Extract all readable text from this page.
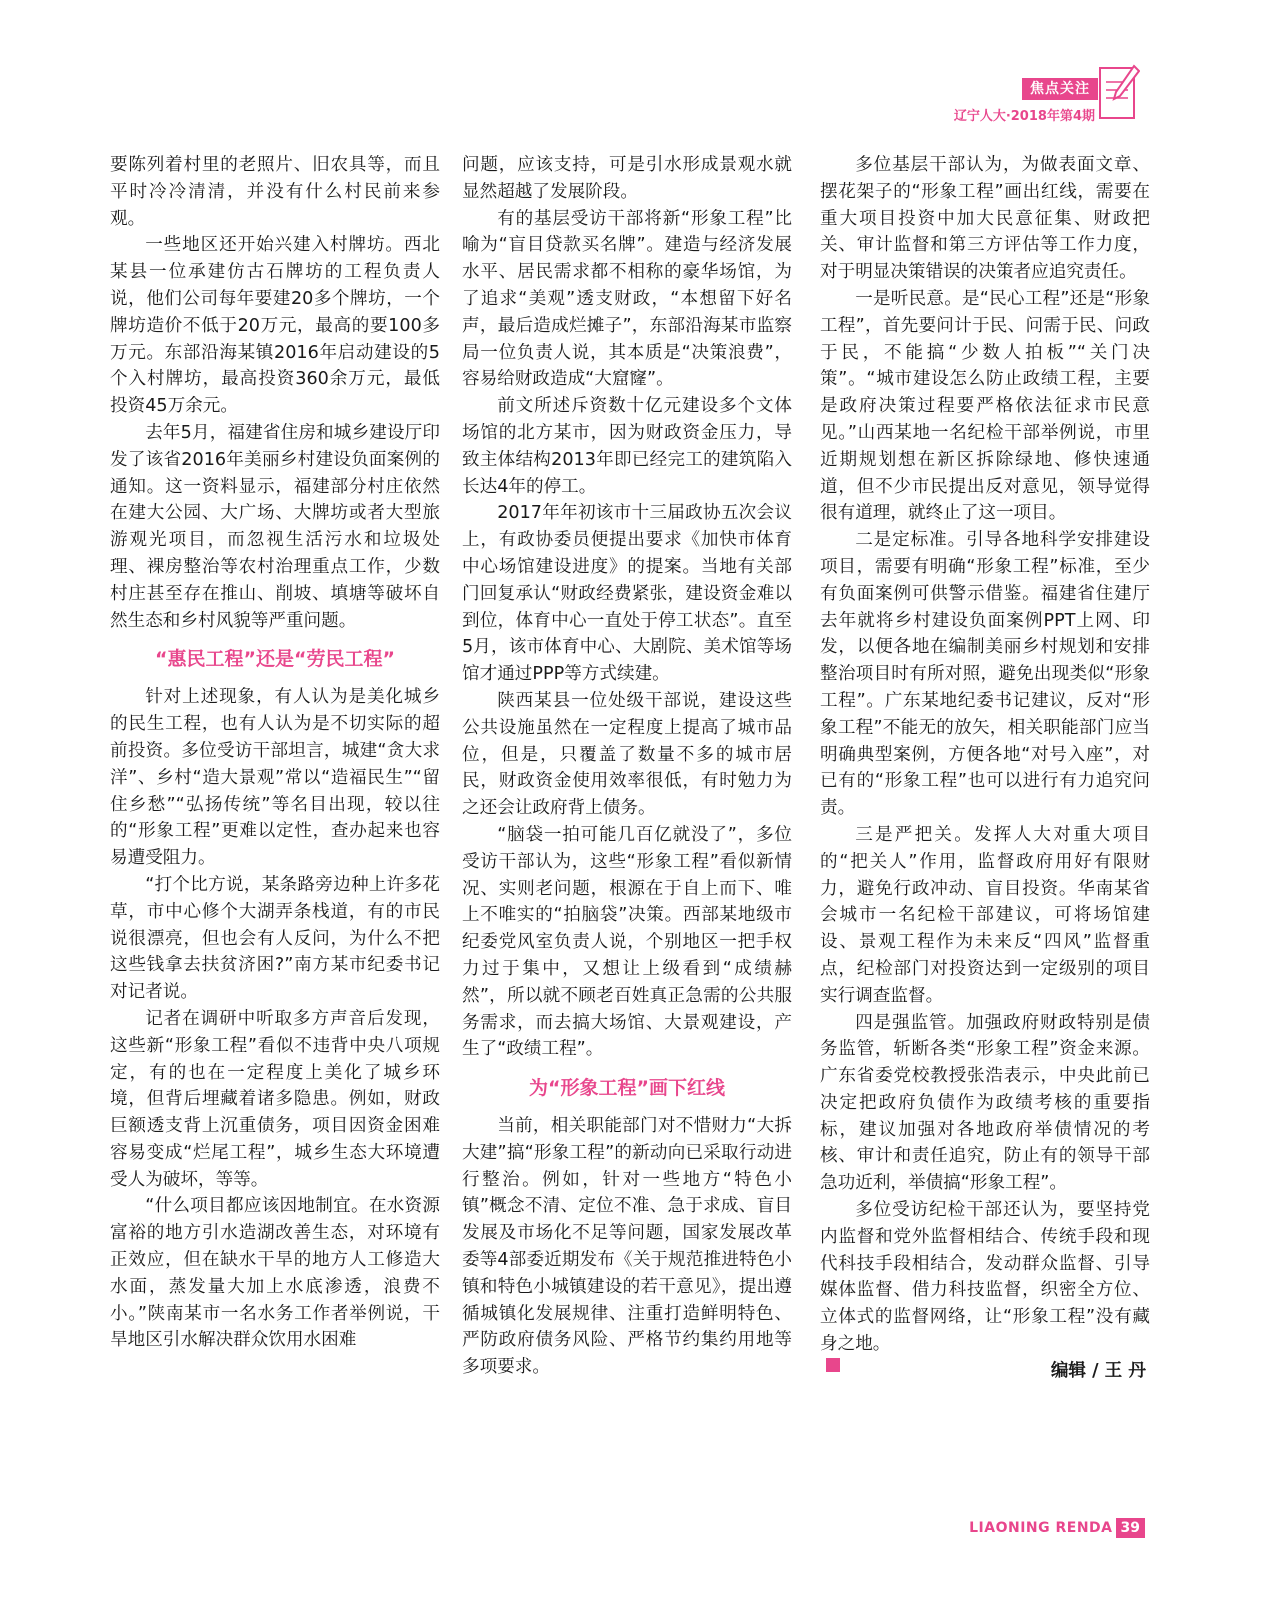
焦点关注
辽宁人大·2018年第4期

要陈列着村里的老照片、旧农具等，而且平时冷冷清清，并没有什么村民前来参观。

一些地区还开始兴建入村牌坊。西北某县一位承建仿古石牌坊的工程负责人说，他们公司每年要建20多个牌坊，一个牌坊造价不低于20万元，最高的要100多万元。东部沿海某镇2016年启动建设的5个入村牌坊，最高投资360余万元，最低投资45万余元。

去年5月，福建省住房和城乡建设厅印发了该省2016年美丽乡村建设负面案例的通知。这一资料显示，福建部分村庄依然在建大公园、大广场、大牌坊或者大型旅游观光项目，而忽视生活污水和垃圾处理、裸房整治等农村治理重点工作，少数村庄甚至存在推山、削坡、填塘等破坏自然生态和乡村风貌等严重问题。

“惠民工程”还是“劳民工程”

针对上述现象，有人认为是美化城乡的民生工程，也有人认为是不切实际的超前投资。多位受访干部坦言，城建“贪大求洋”、乡村“造大景观”常以“造福民生”“留住乡愁”“弘扬传统”等名目出现，较以往的“形象工程”更难以定性，查办起来也容易遭受阻力。

“打个比方说，某条路旁边种上许多花草，市中心修个大湖弄条栈道，有的市民说很漂亮，但也会有人反问，为什么不把这些钱拿去扶贫济困?”南方某市纪委书记对记者说。

记者在调研中听取多方声音后发现，这些新“形象工程”看似不违背中央八项规定，有的也在一定程度上美化了城乡环境，但背后埋藏着诸多隐患。例如，财政巨额透支背上沉重债务，项目因资金困难容易变成“烂尾工程”，城乡生态大环境遭受人为破坏，等等。

“什么项目都应该因地制宜。在水资源富裕的地方引水造湖改善生态，对环境有正效应，但在缺水干旱的地方人工修造大水面，蒸发量大加上水底渗透，浪费不小。”陕南某市一名水务工作者举例说，干旱地区引水解决群众饮用水困难

问题，应该支持，可是引水形成景观水就显然超越了发展阶段。

有的基层受访干部将新“形象工程”比喻为“盲目贷款买名牌”。建造与经济发展水平、居民需求都不相称的豪华场馆，为了追求“美观”透支财政，“本想留下好名声，最后造成烂摊子”，东部沿海某市监察局一位负责人说，其本质是“决策浪费”，容易给财政造成“大窟窿”。

前文所述斥资数十亿元建设多个文体场馆的北方某市，因为财政资金压力，导致主体结构2013年即已经完工的建筑陷入长达4年的停工。

2017年年初该市十三届政协五次会议上，有政协委员便提出要求《加快市体育中心场馆建设进度》的提案。当地有关部门回复承认“财政经费紧张，建设资金难以到位，体育中心一直处于停工状态”。直至5月，该市体育中心、大剧院、美术馆等场馆才通过PPP等方式续建。

陕西某县一位处级干部说，建设这些公共设施虽然在一定程度上提高了城市品位，但是，只覆盖了数量不多的城市居民，财政资金使用效率很低，有时勉力为之还会让政府背上债务。

“脑袋一拍可能几百亿就没了”，多位受访干部认为，这些“形象工程”看似新情况、实则老问题，根源在于自上而下、唯上不唯实的“拍脑袋”决策。西部某地级市纪委党风室负责人说，个别地区一把手权力过于集中，又想让上级看到“成绩赫然”，所以就不顾老百姓真正急需的公共服务需求，而去搞大场馆、大景观建设，产生了“政绩工程”。

为“形象工程”画下红线

当前，相关职能部门对不惜财力“大拆大建”搞“形象工程”的新动向已采取行动进行整治。例如，针对一些地方“特色小镇”概念不清、定位不准、急于求成、盲目发展及市场化不足等问题，国家发展改革委等4部委近期发布《关于规范推进特色小镇和特色小城镇建设的若干意见》，提出遵循城镇化发展规律、注重打造鲜明特色、严防政府债务风险、严格节约集约用地等多项要求。

多位基层干部认为，为做表面文章、摆花架子的“形象工程”画出红线，需要在重大项目投资中加大民意征集、财政把关、审计监督和第三方评估等工作力度，对于明显决策错误的决策者应追究责任。

一是听民意。是“民心工程”还是“形象工程”，首先要问计于民、问需于民、问政于民，不能搞“少数人拍板”“关门决策”。“城市建设怎么防止政绩工程，主要是政府决策过程要严格依法征求市民意见。”山西某地一名纪检干部举例说，市里近期规划想在新区拆除绿地、修快速通道，但不少市民提出反对意见，领导觉得很有道理，就终止了这一项目。

二是定标准。引导各地科学安排建设项目，需要有明确“形象工程”标准，至少有负面案例可供警示借鉴。福建省住建厅去年就将乡村建设负面案例PPT上网、印发，以便各地在编制美丽乡村规划和安排整治项目时有所对照，避免出现类似“形象工程”。广东某地纪委书记建议，反对“形象工程”不能无的放矢，相关职能部门应当明确典型案例，方便各地“对号入座”，对已有的“形象工程”也可以进行有力追究问责。

三是严把关。发挥人大对重大项目的“把关人”作用，监督政府用好有限财力，避免行政冲动、盲目投资。华南某省会城市一名纪检干部建议，可将场馆建设、景观工程作为未来反“四风”监督重点，纪检部门对投资达到一定级别的项目实行调查监督。

四是强监管。加强政府财政特别是债务监管，斩断各类“形象工程”资金来源。广东省委党校教授张浩表示，中央此前已决定把政府负债作为政绩考核的重要指标，建议加强对各地政府举债情况的考核、审计和责任追究，防止有的领导干部急功近利，举债搞“形象工程”。

多位受访纪检干部还认为，要坚持党内监督和党外监督相结合、传统手段和现代科技手段相结合，发动群众监督、引导媒体监督、借力科技监督，织密全方位、立体式的监督网络，让“形象工程”没有藏身之地。

编辑 / 王 丹
LIAONING RENDA 39
